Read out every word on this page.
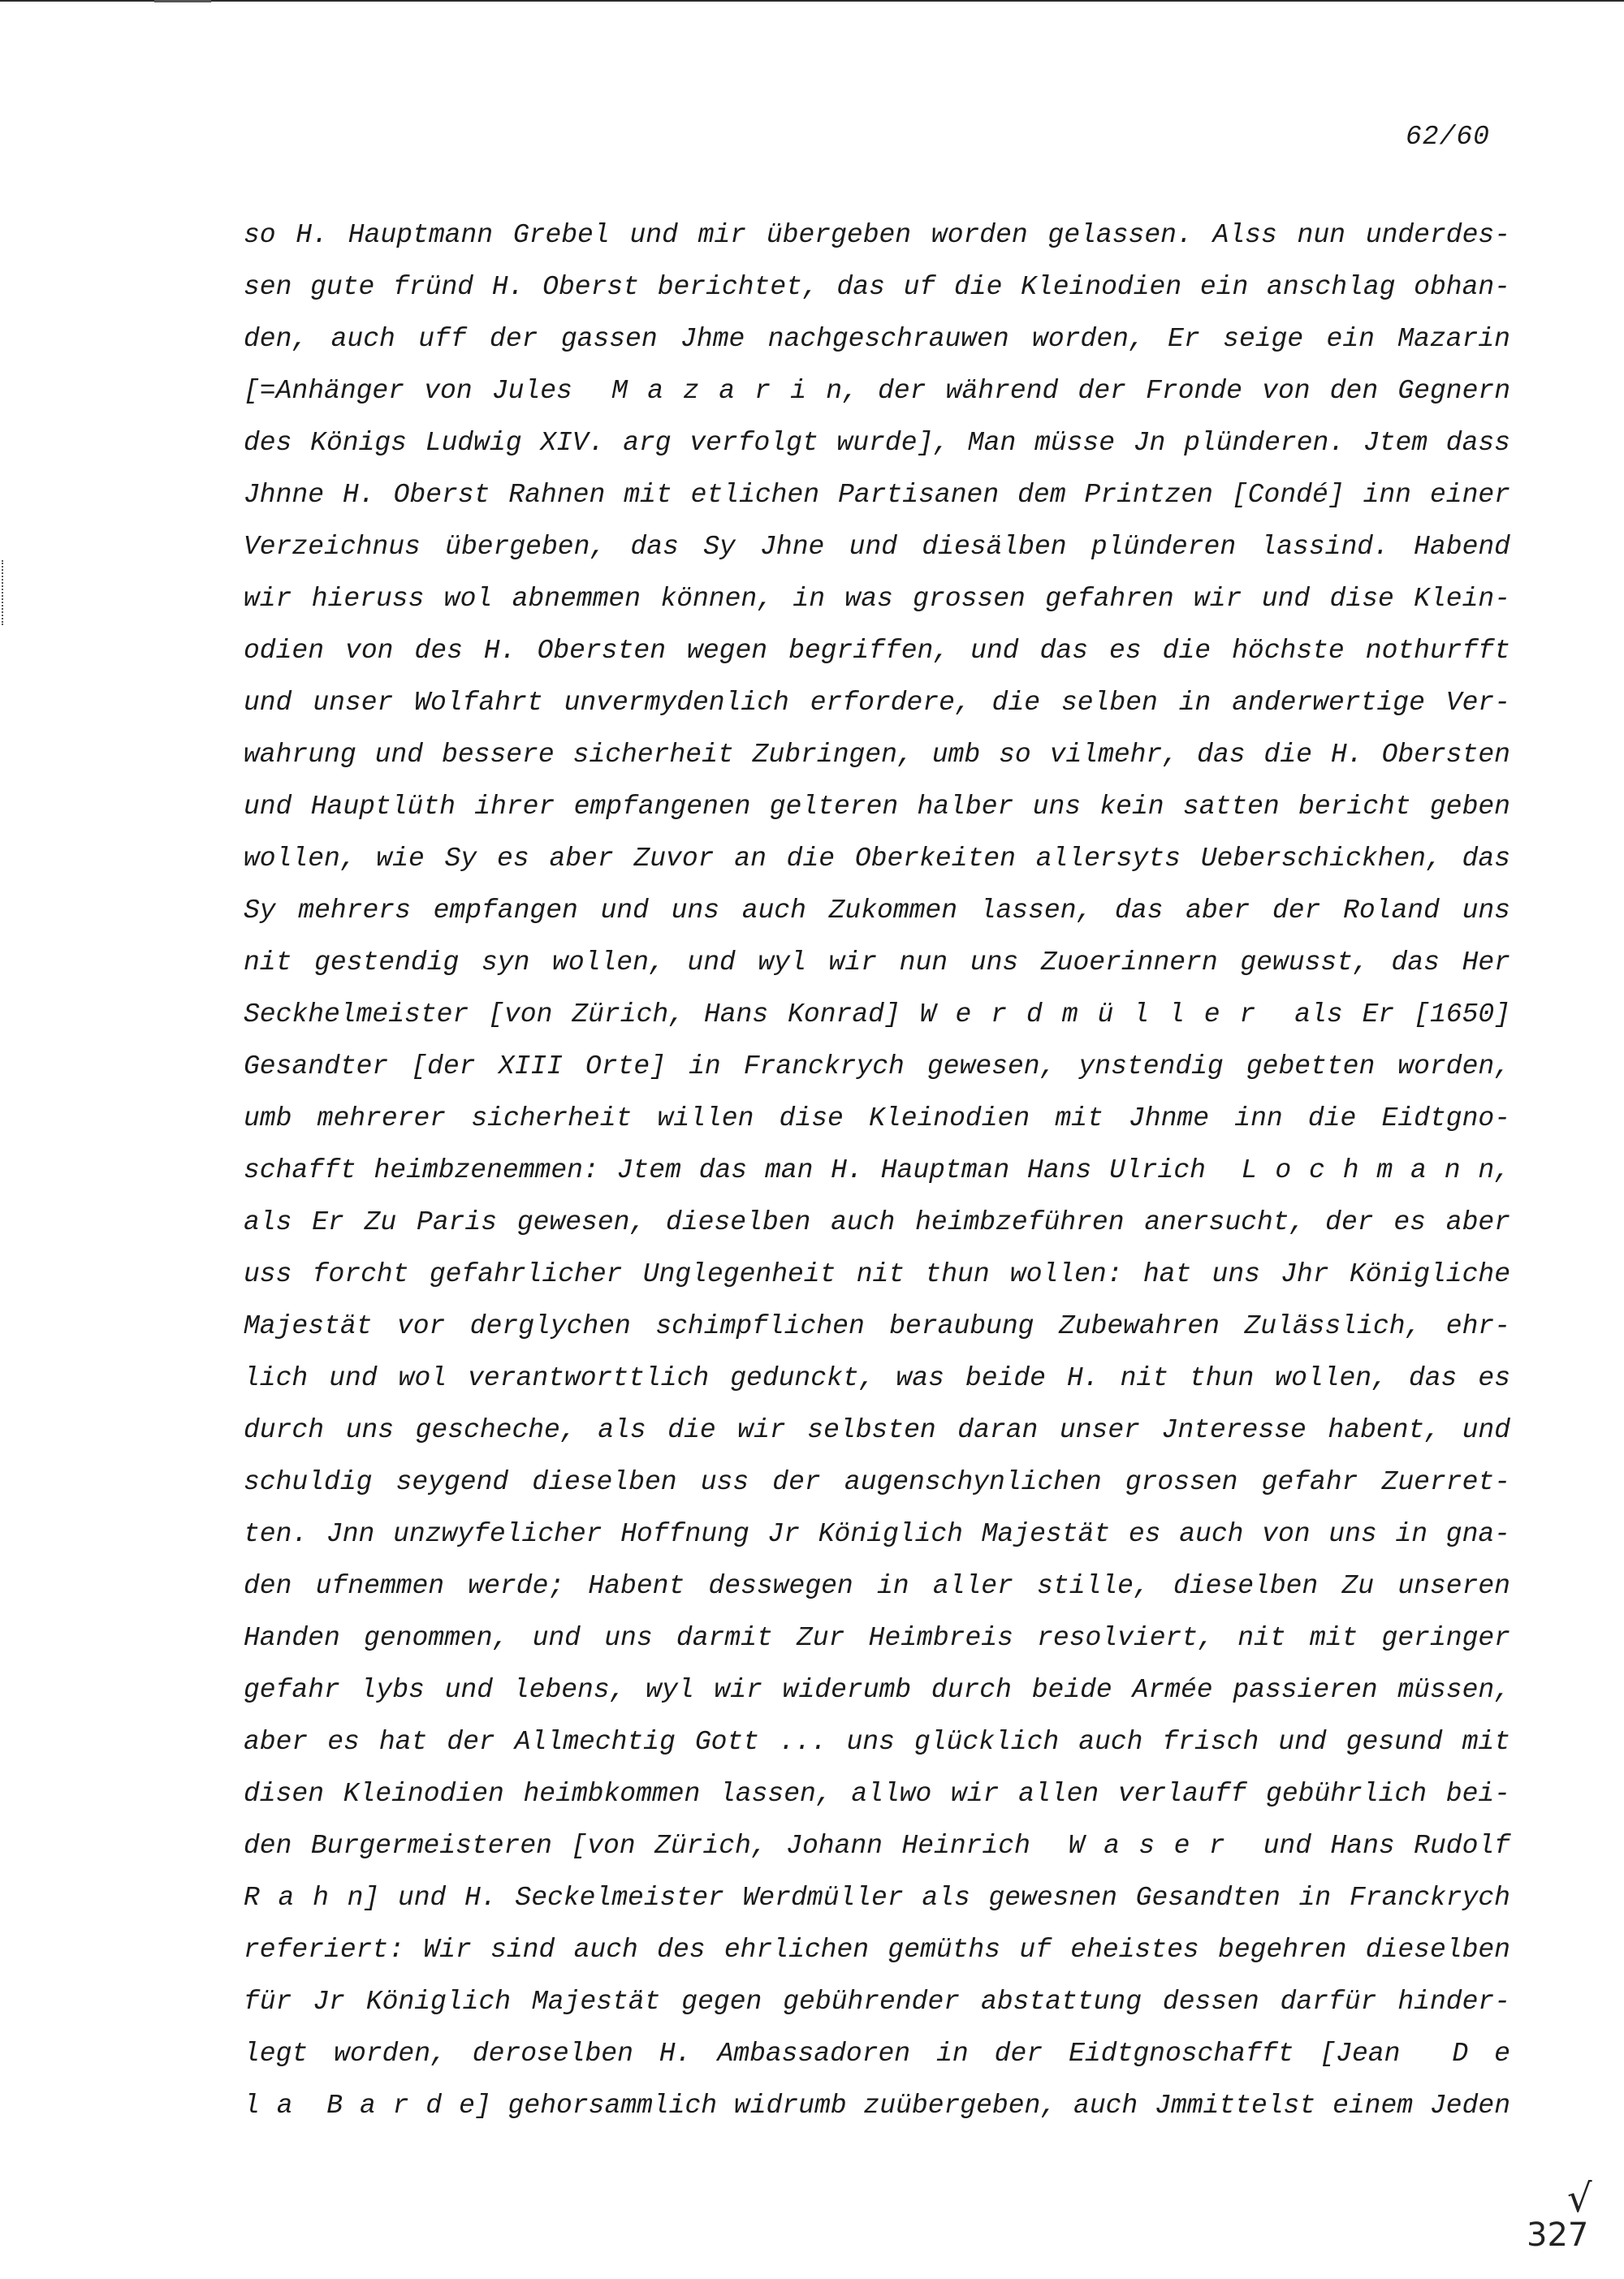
62/60
so H. Hauptmann Grebel und mir übergeben worden gelassen. Alss nun underdes-
sen gute fründ H. Oberst berichtet, das uf die Kleinodien ein anschlag obhan-
den, auch uff der gassen Jhme nachgeschrauwen worden, Er seige ein Mazarin
[=Anhänger von Jules  M a z a r i n, der während der Fronde von den Gegnern
des Königs Ludwig XIV. arg verfolgt wurde], Man müsse Jn plünderen. Jtem dass
Jhnne H. Oberst Rahnen mit etlichen Partisanen dem Printzen [Condé] inn einer
Verzeichnus übergeben, das Sy Jhne und diesälben plünderen lassind. Habend
wir hieruss wol abnemmen können, in was grossen gefahren wir und dise Klein-
odien von des H. Obersten wegen begriffen, und das es die höchste nothurfft
und unser Wolfahrt unvermydenlich erfordere, die selben in anderwertige Ver-
wahrung und bessere sicherheit Zubringen, umb so vilmehr, das die H. Obersten
und Hauptlüth ihrer empfangenen gelteren halber uns kein satten bericht geben
wollen, wie Sy es aber Zuvor an die Oberkeiten allersyts Ueberschickhen, das
Sy mehrers empfangen und uns auch Zukommen lassen, das aber der Roland uns
nit gestendig syn wollen, und wyl wir nun uns Zuoerinnern gewusst, das Her
Seckhelmeister [von Zürich, Hans Konrad] W e r d m ü l l e r  als Er [1650]
Gesandter [der XIII Orte] in Franckrych gewesen, ynstendig gebetten worden,
umb mehrerer sicherheit willen dise Kleinodien mit Jhnme inn die Eidtgno-
schafft heimbzenemmen: Jtem das man H. Hauptman Hans Ulrich  L o c h m a n n,
als Er Zu Paris gewesen, dieselben auch heimbzeführen anersucht, der es aber
uss forcht gefahrlicher Unglegenheit nit thun wollen: hat uns Jhr Königliche
Majestät vor derglychen schimpflichen beraubung Zubewahren Zulässlich, ehr-
lich und wol verantworttlich gedunckt, was beide H. nit thun wollen, das es
durch uns gescheche, als die wir selbsten daran unser Jnteresse habent, und
schuldig seygend dieselben uss der augenschynlichen grossen gefahr Zuerret-
ten. Jnn unzwyfelicher Hoffnung Jr Königlich Majestät es auch von uns in gna-
den ufnemmen werde; Habent desswegen in aller stille, dieselben Zu unseren
Handen genommen, und uns darmit Zur Heimbreis resolviert, nit mit geringer
gefahr lybs und lebens, wyl wir widerumb durch beide Armée passieren müssen,
aber es hat der Allmechtig Gott ... uns glücklich auch frisch und gesund mit
disen Kleinodien heimbkommen lassen, allwo wir allen verlauff gebührlich bei-
den Burgermeisteren [von Zürich, Johann Heinrich  W a s e r  und Hans Rudolf
R a h n] und H. Seckelmeister Werdmüller als gewesnen Gesandten in Franckrych
referiert: Wir sind auch des ehrlichen gemüths uf eheistes begehren dieselben
für Jr Königlich Majestät gegen gebührender abstattung dessen darfür hinder-
legt worden, deroselben H. Ambassadoren in der Eidtgnoschafft [Jean  D e
l a  B a r d e] gehorsammlich widrumb zuübergeben, auch Jmmittelst einem Jeden
√
327
